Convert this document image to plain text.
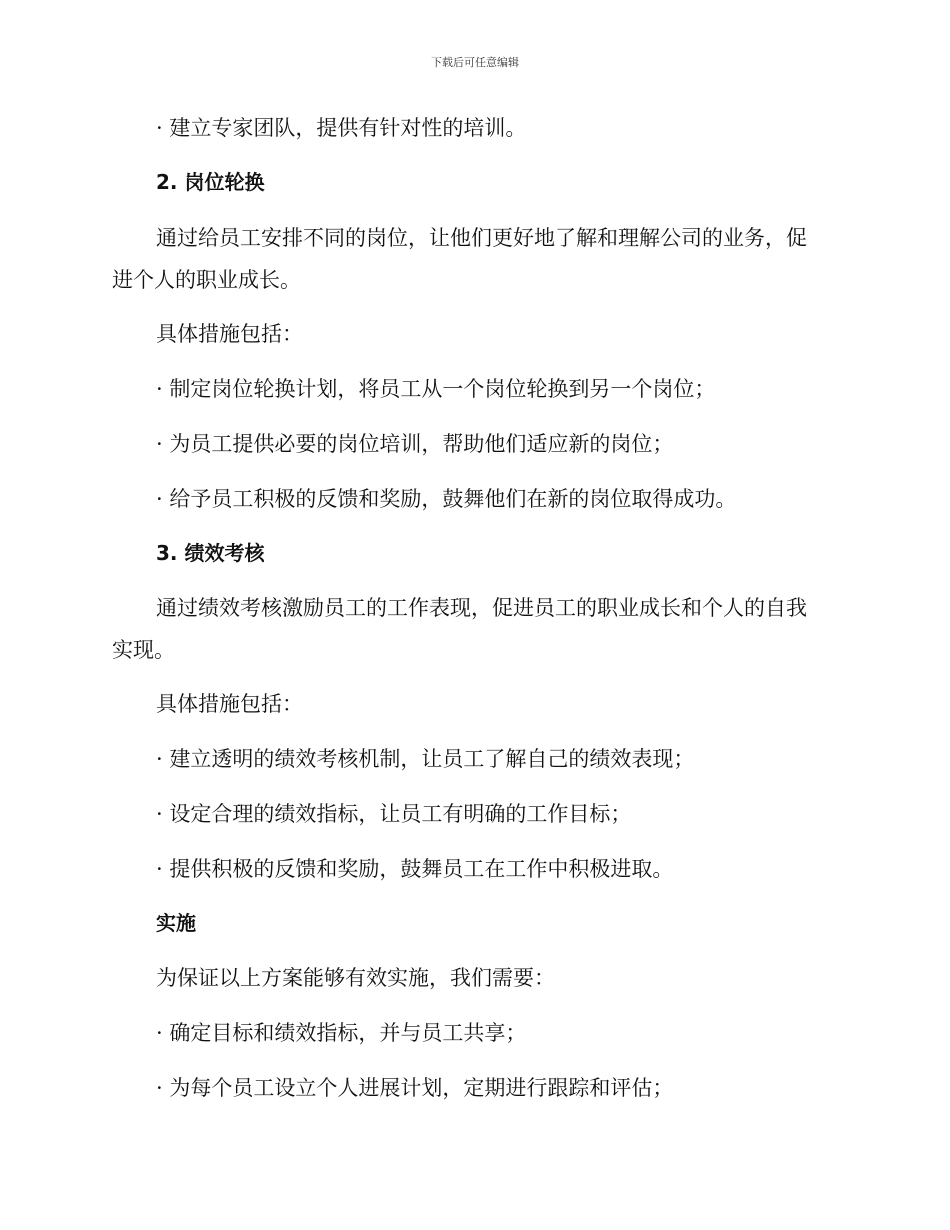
下载后可任意编辑
· 建立专家团队，提供有针对性的培训。
2. 岗位轮换
通过给员工安排不同的岗位，让他们更好地了解和理解公司的业务，促
进个人的职业成长。
具体措施包括：
· 制定岗位轮换计划，将员工从一个岗位轮换到另一个岗位；
· 为员工提供必要的岗位培训，帮助他们适应新的岗位；
· 给予员工积极的反馈和奖励，鼓舞他们在新的岗位取得成功。
3. 绩效考核
通过绩效考核激励员工的工作表现，促进员工的职业成长和个人的自我
实现。
具体措施包括：
· 建立透明的绩效考核机制，让员工了解自己的绩效表现；
· 设定合理的绩效指标，让员工有明确的工作目标；
· 提供积极的反馈和奖励，鼓舞员工在工作中积极进取。
实施
为保证以上方案能够有效实施，我们需要：
· 确定目标和绩效指标，并与员工共享；
· 为每个员工设立个人进展计划，定期进行跟踪和评估；
